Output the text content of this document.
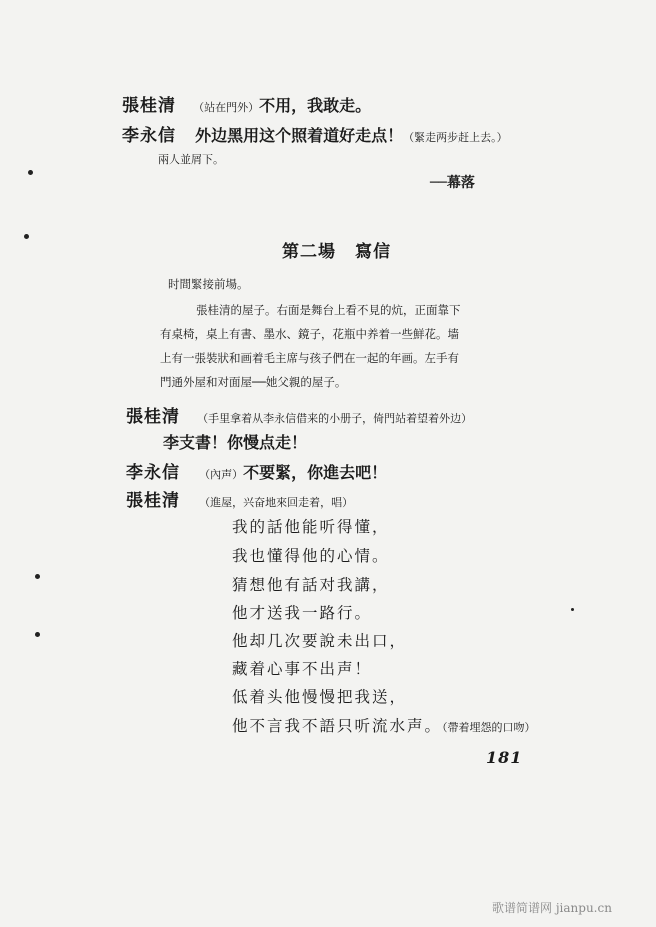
張桂清 （站在門外）不用，我敢走。
李永信 外边黑用这个照着道好走点！（緊走两步赶上去。）
兩人並屑下。
──幕落
第二場 寫信
时間緊接前場。
張桂清的屋子。右面是舞台上看不見的炕，正面靠下
有桌椅，桌上有書、墨水、鏡子，花瓶中养着一些鮮花。墙
上有一張裝狀和画着毛主席与孩子們在一起的年画。左手有
門通外屋和对面屋──她父親的屋子。
張桂清 （手里拿着从李永信借来的小册子，倚門站着望着外边）
李支書！你慢点走！
李永信 （內声）不要緊，你進去吧！
張桂清 （進屋，兴奋地來回走着，唱）
我的話他能听得懂，
我也懂得他的心情。
猜想他有話对我講，
他才送我一路行。
他却几次要說未出口，
藏着心事不出声！
低着头他慢慢把我送，
他不言我不語只听流水声。（帶着埋怨的口吻）
181
歌谱简谱网 jianpu.cn
